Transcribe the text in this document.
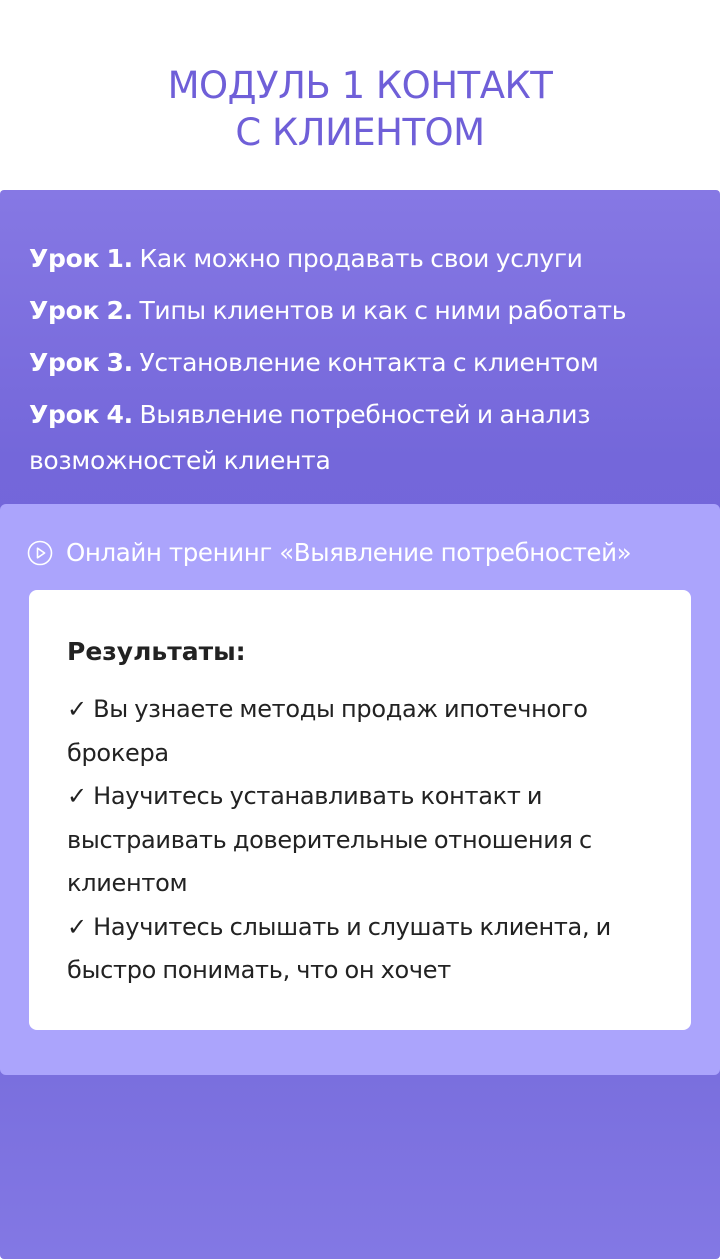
МОДУЛЬ 1 КОНТАКТ
С КЛИЕНТОМ
Урок 1. Как можно продавать свои услуги
Урок 2. Типы клиентов и как с ними работать
Урок 3. Установление контакта с клиентом
Урок 4. Выявление потребностей и анализ возможностей клиента
Онлайн тренинг «Выявление потребностей»
Результаты:
✓ Вы узнаете методы продаж ипотечного брокера
✓ Научитесь устанавливать контакт и выстраивать доверительные отношения с клиентом
✓ Научитесь слышать и слушать клиента, и быстро понимать, что он хочет
